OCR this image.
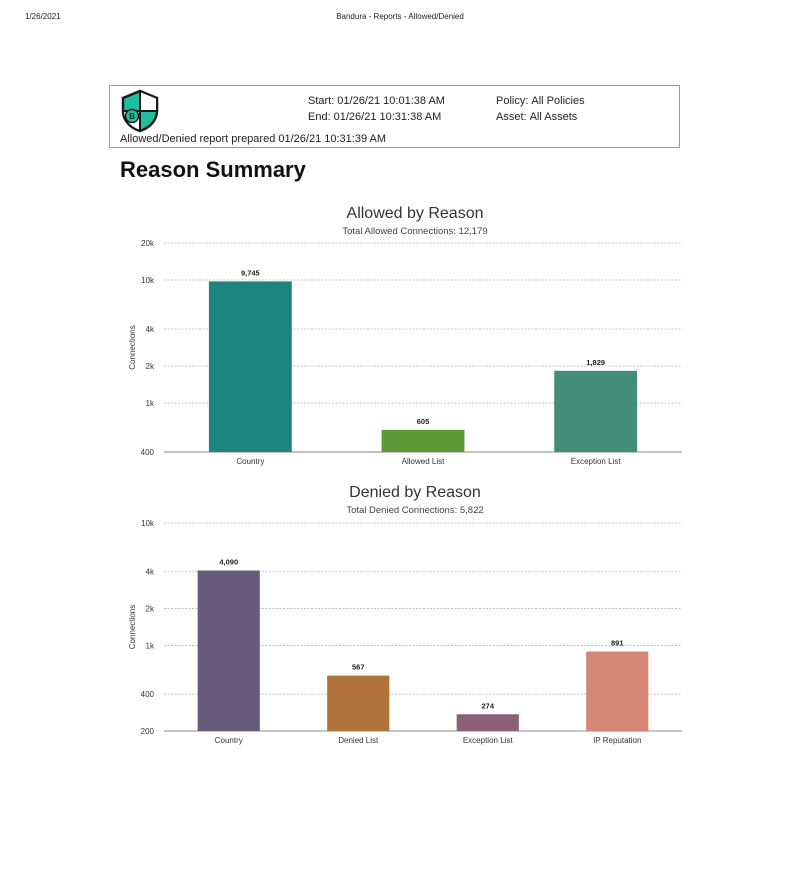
1/26/2021	Bandura - Reports - Allowed/Denied
B
Start: 01/26/21 10:01:38 AM
End: 01/26/21 10:31:38 AM
Policy: All Policies
Asset: All Assets
Allowed/Denied report prepared 01/26/21 10:31:39 AM
Reason Summary
Allowed by Reason
Total Allowed Connections: 12,179
400
1k
2k
4k
10k
20k
Connections
9,745
Country
605
Allowed List
1,829
Exception List
Denied by Reason
Total Denied Connections: 5,822
200
400
1k
2k
4k
10k
Connections
4,090
Country
567
Denied List
274
Exception List
891
IP Reputation
